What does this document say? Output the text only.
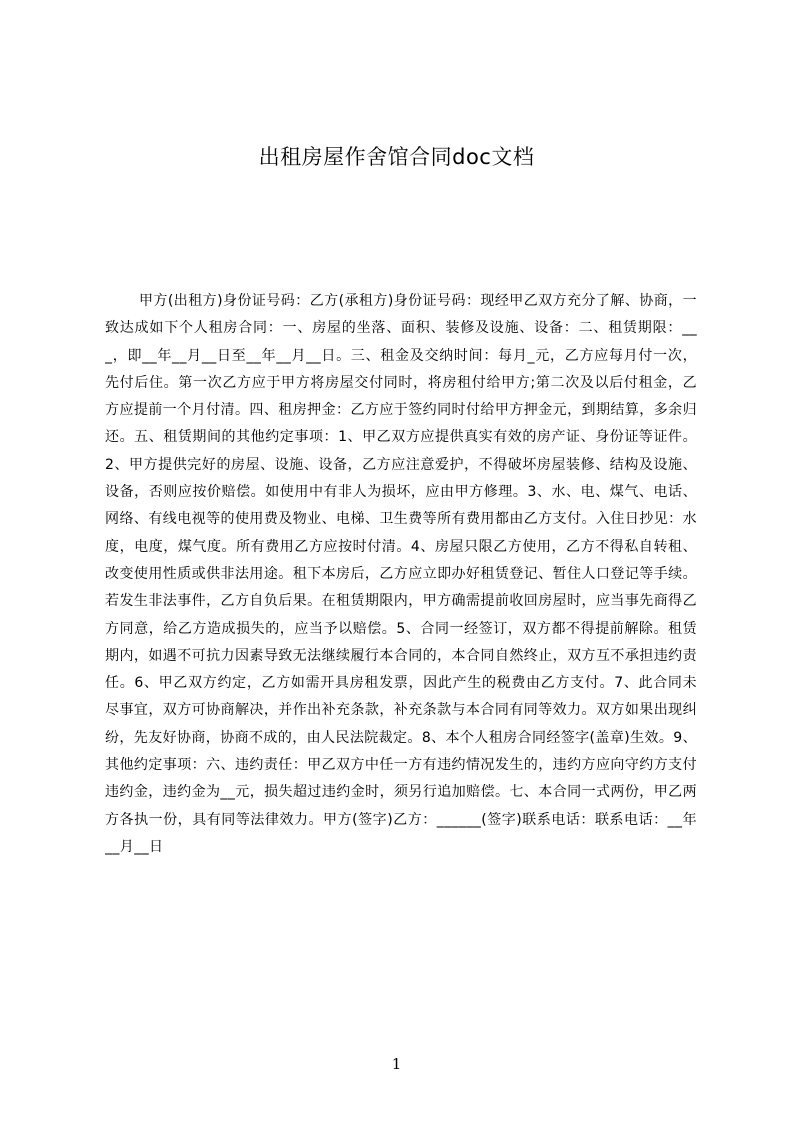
出租房屋作舍馆合同doc文档

甲方(出租方)身份证号码：乙方(承租方)身份证号码：现经甲乙双方充分了解、协商，一致达成如下个人租房合同：一、房屋的坐落、面积、装修及设施、设备：二、租赁期限：___，即__年__月__日至__年__月__日。三、租金及交纳时间：每月_元，乙方应每月付一次，先付后住。第一次乙方应于甲方将房屋交付同时，将房租付给甲方;第二次及以后付租金，乙方应提前一个月付清。四、租房押金：乙方应于签约同时付给甲方押金元，到期结算，多余归还。五、租赁期间的其他约定事项：1、甲乙双方应提供真实有效的房产证、身份证等证件。2、甲方提供完好的房屋、设施、设备，乙方应注意爱护，不得破坏房屋装修、结构及设施、设备，否则应按价赔偿。如使用中有非人为损坏，应由甲方修理。3、水、电、煤气、电话、网络、有线电视等的使用费及物业、电梯、卫生费等所有费用都由乙方支付。入住日抄见：水度，电度，煤气度。所有费用乙方应按时付清。4、房屋只限乙方使用，乙方不得私自转租、改变使用性质或供非法用途。租下本房后，乙方应立即办好租赁登记、暂住人口登记等手续。若发生非法事件，乙方自负后果。在租赁期限内，甲方确需提前收回房屋时，应当事先商得乙方同意，给乙方造成损失的，应当予以赔偿。5、合同一经签订，双方都不得提前解除。租赁期内，如遇不可抗力因素导致无法继续履行本合同的，本合同自然终止，双方互不承担违约责任。6、甲乙双方约定，乙方如需开具房租发票，因此产生的税费由乙方支付。7、此合同未尽事宜，双方可协商解决，并作出补充条款，补充条款与本合同有同等效力。双方如果出现纠纷，先友好协商，协商不成的，由人民法院裁定。8、本个人租房合同经签字(盖章)生效。9、其他约定事项：六、违约责任：甲乙双方中任一方有违约情况发生的，违约方应向守约方支付违约金，违约金为__元，损失超过违约金时，须另行追加赔偿。七、本合同一式两份，甲乙两方各执一份，具有同等法律效力。甲方(签字)乙方：______(签字)联系电话：联系电话：__年__月__日

1
